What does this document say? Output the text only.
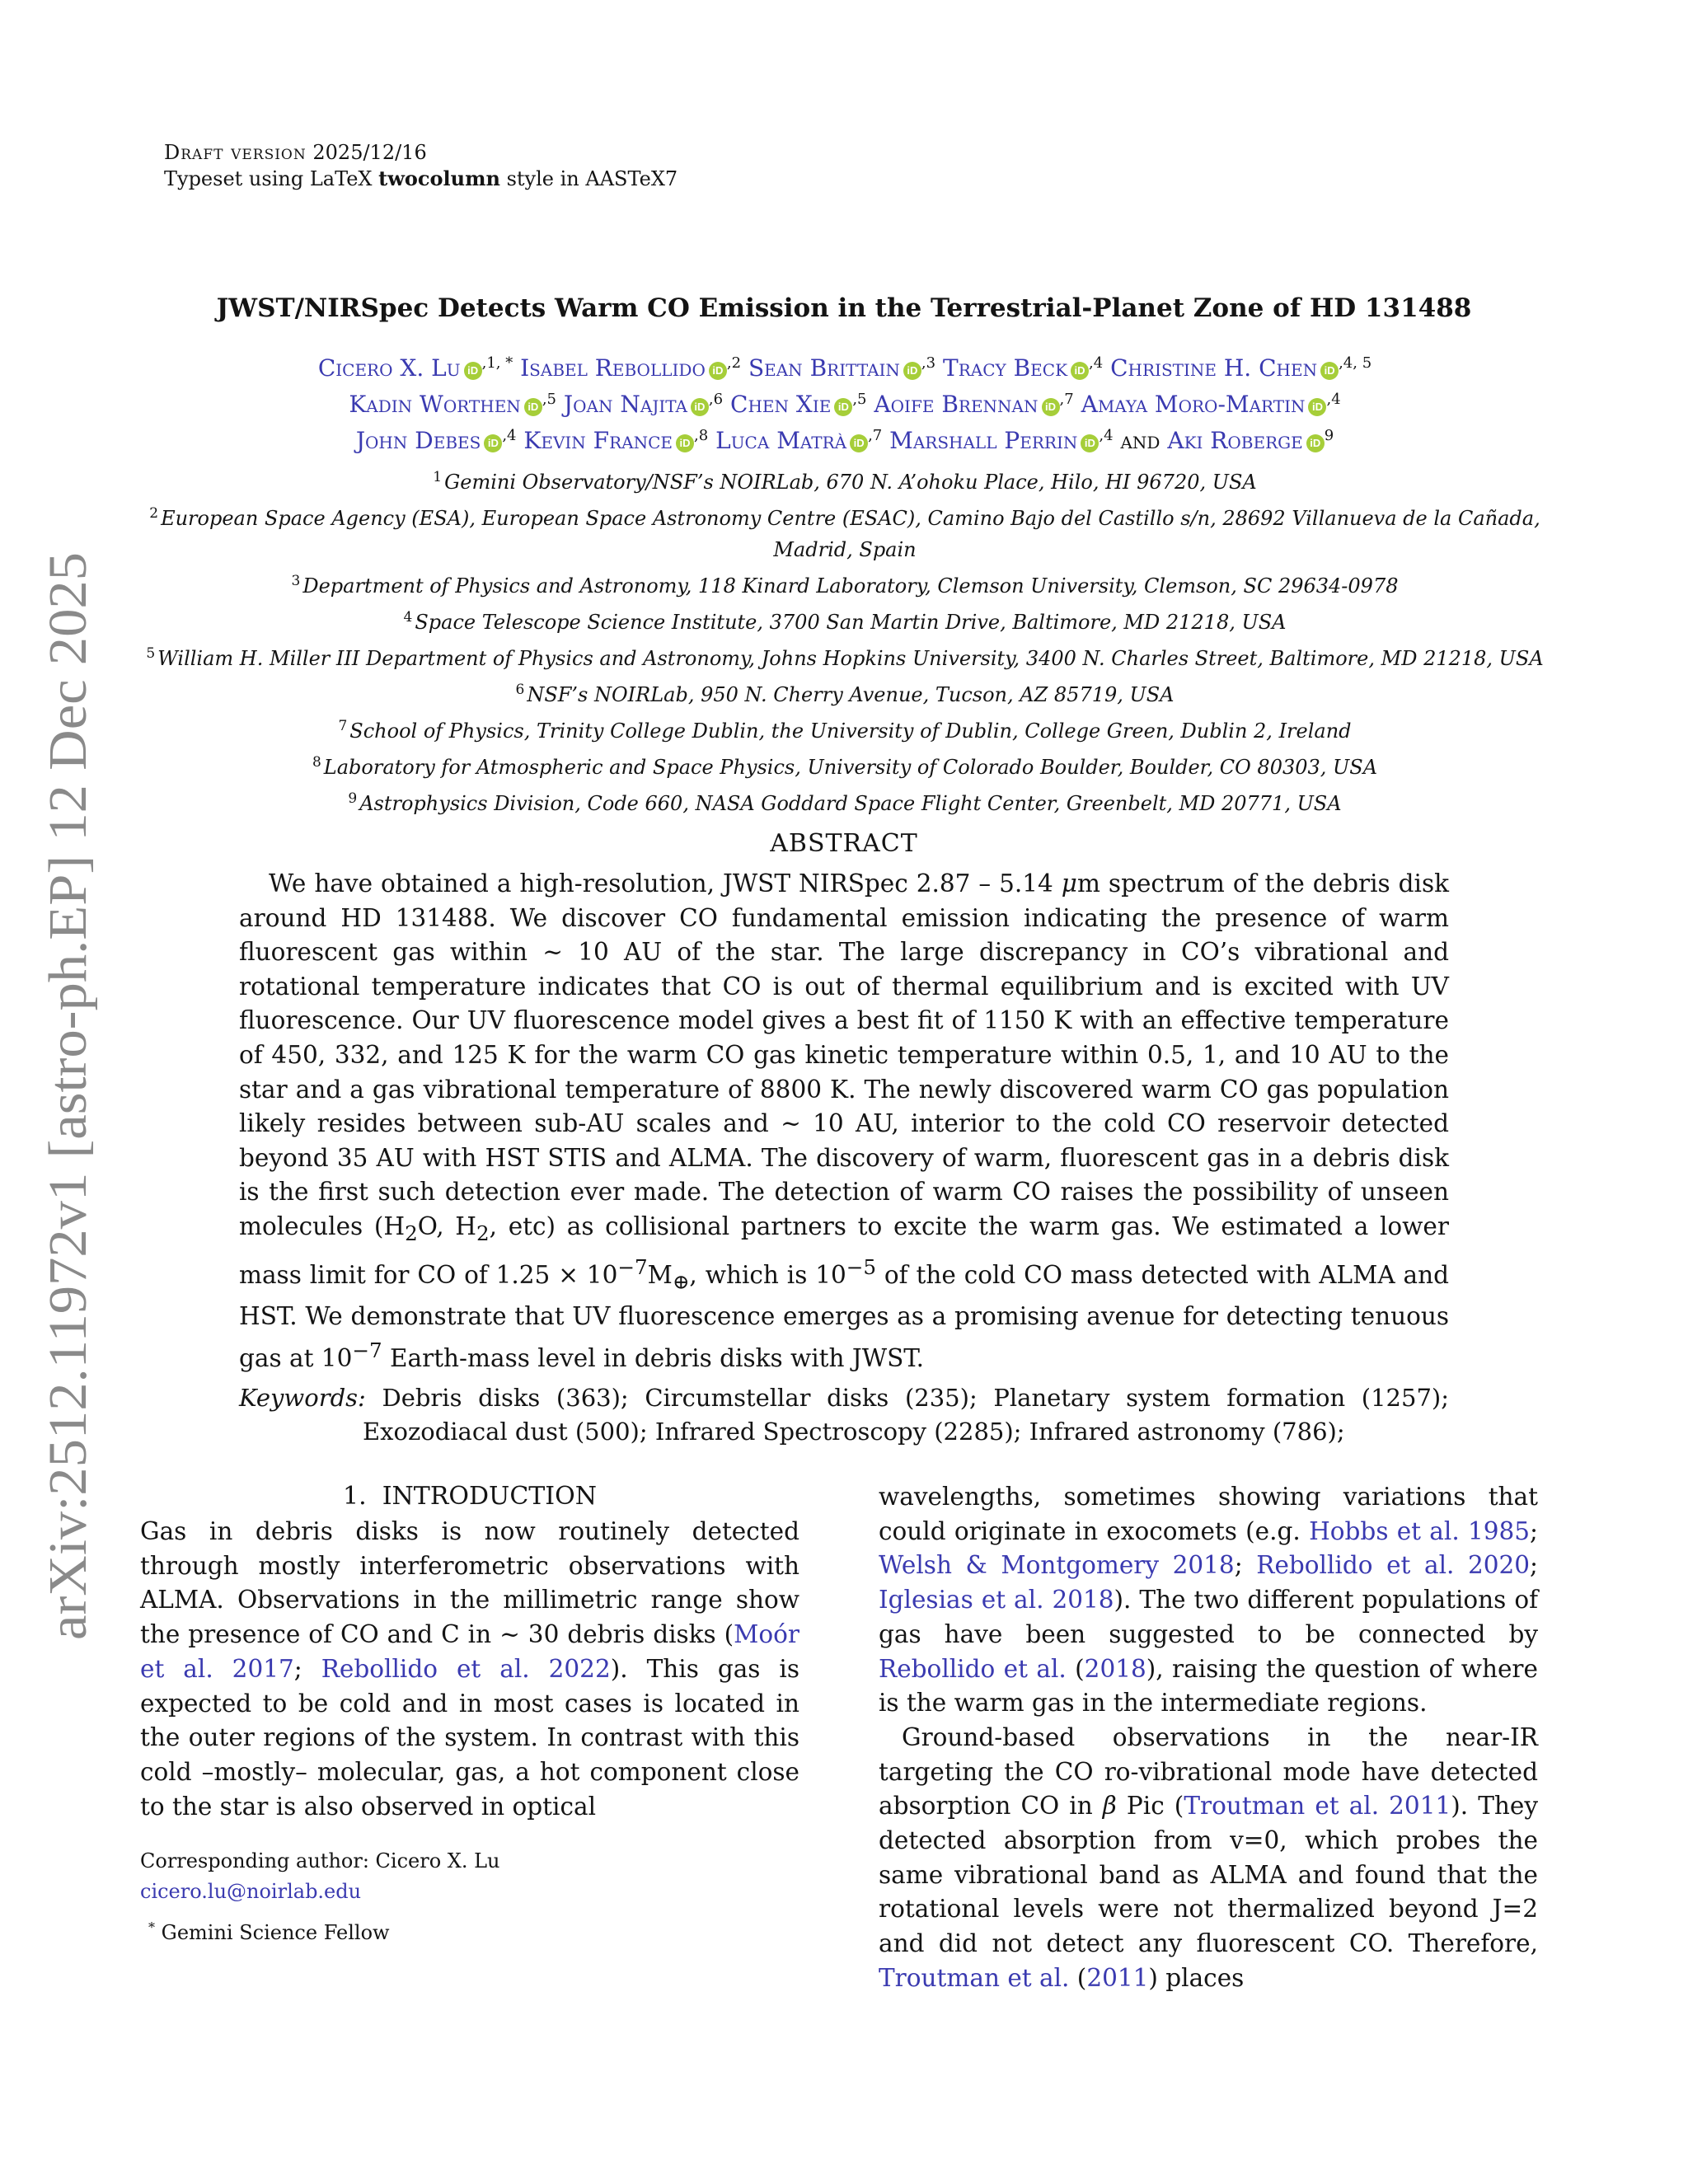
Draft version 2025/12/16
Typeset using LaTeX twocolumn style in AASTeX7
arXiv:2512.11972v1 [astro-ph.EP] 12 Dec 2025
JWST/NIRSpec Detects Warm CO Emission in the Terrestrial-Planet Zone of HD 131488
Cicero X. Lu iD $^{,1, *}$ Isabel Rebollido iD $^{,2}$ Sean Brittain iD $^{,3}$ Tracy Beck iD $^{,4}$ Christine H. Chen iD $^{,4, 5}$
Kadin Worthen iD $^{,5}$ Joan Najita iD $^{,6}$ Chen Xie iD $^{,5}$ Aoife Brennan iD $^{,7}$ Amaya Moro-Martin iD $^{,4}$
John Debes iD $^{,4}$ Kevin France iD $^{,8}$ Luca Matrà iD $^{,7}$ Marshall Perrin iD $^{,4}$ and Aki Roberge iD $^9$

$^1$ Gemini Observatory/NSF’s NOIRLab, 670 N. A’ohoku Place, Hilo, HI 96720, USA

$^2$ European Space Agency (ESA), European Space Astronomy Centre (ESAC), Camino Bajo del Castillo s/n, 28692 Villanueva de la Cañada, Madrid, Spain

$^3$ Department of Physics and Astronomy, 118 Kinard Laboratory, Clemson University, Clemson, SC 29634-0978

$^4$ Space Telescope Science Institute, 3700 San Martin Drive, Baltimore, MD 21218, USA

$^5$ William H. Miller III Department of Physics and Astronomy, Johns Hopkins University, 3400 N. Charles Street, Baltimore, MD 21218, USA

$^6$ NSF’s NOIRLab, 950 N. Cherry Avenue, Tucson, AZ 85719, USA

$^7$ School of Physics, Trinity College Dublin, the University of Dublin, College Green, Dublin 2, Ireland

$^8$ Laboratory for Atmospheric and Space Physics, University of Colorado Boulder, Boulder, CO 80303, USA

$^9$ Astrophysics Division, Code 660, NASA Goddard Space Flight Center, Greenbelt, MD 20771, USA

ABSTRACT
We have obtained a high-resolution, JWST NIRSpec 2.87 – 5.14 μm spectrum of the debris disk around HD 131488. We discover CO fundamental emission indicating the presence of warm fluorescent gas within ∼ 10 AU of the star. The large discrepancy in CO’s vibrational and rotational temperature indicates that CO is out of thermal equilibrium and is excited with UV fluorescence. Our UV fluorescence model gives a best fit of 1150 K with an effective temperature of 450, 332, and 125 K for the warm CO gas kinetic temperature within 0.5, 1, and 10 AU to the star and a gas vibrational temperature of 8800 K. The newly discovered warm CO gas population likely resides between sub-AU scales and ∼ 10 AU, interior to the cold CO reservoir detected beyond 35 AU with HST STIS and ALMA. The discovery of warm, fluorescent gas in a debris disk is the first such detection ever made. The detection of warm CO raises the possibility of unseen molecules ($H_2O$, $H_2$, etc) as collisional partners to excite the warm gas. We estimated a lower mass limit for CO of $1.25 \times 10^{-7}M_\oplus$, which is $10^{-5}$ of the cold CO mass detected with ALMA and HST. We demonstrate that UV fluorescence emerges as a promising avenue for detecting tenuous gas at $10^{-7}$ Earth-mass level in debris disks with JWST.
Keywords: Debris disks (363); Circumstellar disks (235); Planetary system formation (1257); Exozodiacal dust (500); Infrared Spectroscopy (2285); Infrared astronomy (786);
1. INTRODUCTION
Gas in debris disks is now routinely detected through mostly interferometric observations with ALMA. Observations in the millimetric range show the presence of CO and C in ∼ 30 debris disks (Moór et al. 2017; Rebollido et al. 2022). This gas is expected to be cold and in most cases is located in the outer regions of the system. In contrast with this cold –mostly– molecular, gas, a hot component close to the star is also observed in optical
Corresponding author: Cicero X. Lu
cicero.lu@noirlab.edu
* Gemini Science Fellow

wavelengths, sometimes showing variations that could originate in exocomets (e.g. Hobbs et al. 1985; Welsh & Montgomery 2018; Rebollido et al. 2020; Iglesias et al. 2018). The two different populations of gas have been suggested to be connected by Rebollido et al. (2018), raising the question of where is the warm gas in the intermediate regions.

Ground-based observations in the near-IR targeting the CO ro-vibrational mode have detected absorption CO in β Pic (Troutman et al. 2011). They detected absorption from v=0, which probes the same vibrational band as ALMA and found that the rotational levels were not thermalized beyond J=2 and did not detect any fluorescent CO. Therefore, Troutman et al. (2011) places
